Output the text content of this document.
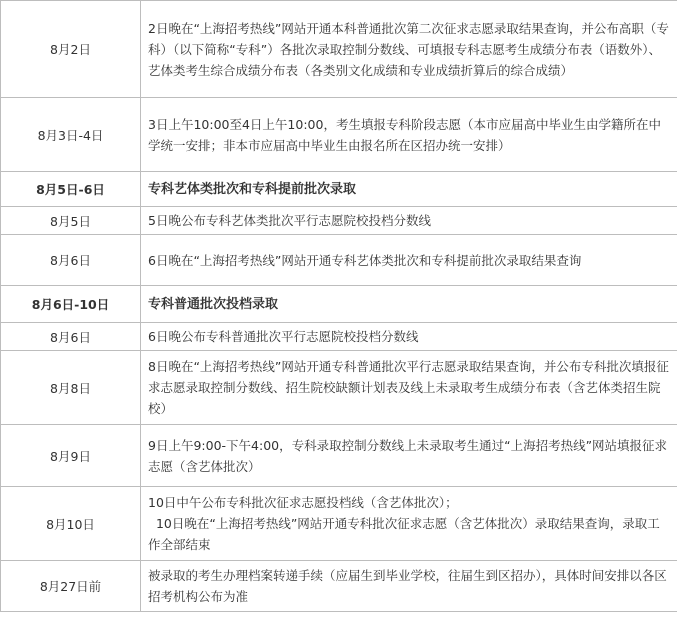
8月2日	2日晚在“上海招考热线”网站开通本科普通批次第二次征求志愿录取结果查询，并公布高职（专科）（以下简称“专科”）各批次录取控制分数线、可填报专科志愿考生成绩分布表（语数外）、艺体类考生综合成绩分布表（各类别文化成绩和专业成绩折算后的综合成绩）

8月3日-4日	3日上午10:00至4日上午10:00，考生填报专科阶段志愿（本市应届高中毕业生由学籍所在中学统一安排；非本市应届高中毕业生由报名所在区招办统一安排）

8月5日-6日	专科艺体类批次和专科提前批次录取

8月5日	5日晚公布专科艺体类批次平行志愿院校投档分数线

8月6日	6日晚在“上海招考热线”网站开通专科艺体类批次和专科提前批次录取结果查询

8月6日-10日	专科普通批次投档录取

8月6日	6日晚公布专科普通批次平行志愿院校投档分数线

8月8日	8日晚在“上海招考热线”网站开通专科普通批次平行志愿录取结果查询，并公布专科批次填报征求志愿录取控制分数线、招生院校缺额计划表及线上未录取考生成绩分布表（含艺体类招生院校）

8月9日	9日上午9:00-下午4:00，专科录取控制分数线上未录取考生通过“上海招考热线”网站填报征求志愿（含艺体批次）

8月10日	10日中午公布专科批次征求志愿投档线（含艺体批次）；
10日晚在“上海招考热线”网站开通专科批次征求志愿（含艺体批次）录取结果查询，录取工作全部结束

8月27日前	被录取的考生办理档案转递手续（应届生到毕业学校，往届生到区招办），具体时间安排以各区招考机构公布为准
